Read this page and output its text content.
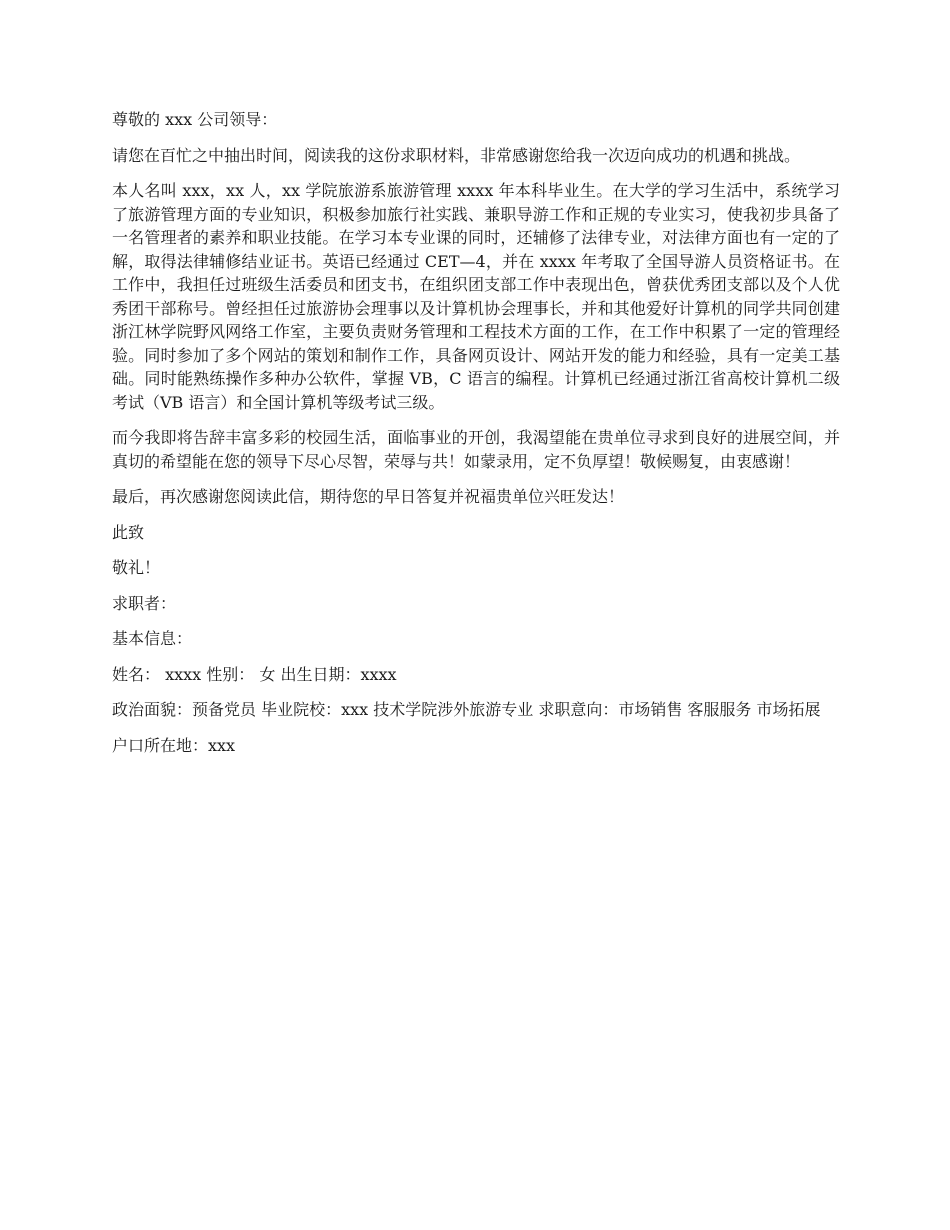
尊敬的 xxx 公司领导：

请您在百忙之中抽出时间，阅读我的这份求职材料，非常感谢您给我一次迈向成功的机遇和挑战。

本人名叫 xxx，xx 人，xx 学院旅游系旅游管理 xxxx 年本科毕业生。在大学的学习生活中，系统学习了旅游管理方面的专业知识，积极参加旅行社实践、兼职导游工作和正规的专业实习，使我初步具备了一名管理者的素养和职业技能。在学习本专业课的同时，还辅修了法律专业，对法律方面也有一定的了解，取得法律辅修结业证书。英语已经通过 CET—4，并在 xxxx 年考取了全国导游人员资格证书。在工作中，我担任过班级生活委员和团支书，在组织团支部工作中表现出色，曾获优秀团支部以及个人优秀团干部称号。曾经担任过旅游协会理事以及计算机协会理事长，并和其他爱好计算机的同学共同创建浙江林学院野风网络工作室，主要负责财务管理和工程技术方面的工作，在工作中积累了一定的管理经验。同时参加了多个网站的策划和制作工作，具备网页设计、网站开发的能力和经验，具有一定美工基础。同时能熟练操作多种办公软件，掌握 VB，C 语言的编程。计算机已经通过浙江省高校计算机二级考试（VB 语言）和全国计算机等级考试三级。

而今我即将告辞丰富多彩的校园生活，面临事业的开创，我渴望能在贵单位寻求到良好的进展空间，并真切的希望能在您的领导下尽心尽智，荣辱与共！如蒙录用，定不负厚望！敬候赐复，由衷感谢！

最后，再次感谢您阅读此信，期待您的早日答复并祝福贵单位兴旺发达！

此致

敬礼！

求职者：

基本信息：

姓名： xxxx 性别： 女 出生日期：xxxx

政治面貌：预备党员 毕业院校：xxx 技术学院涉外旅游专业 求职意向：市场销售 客服服务 市场拓展

户口所在地：xxx
